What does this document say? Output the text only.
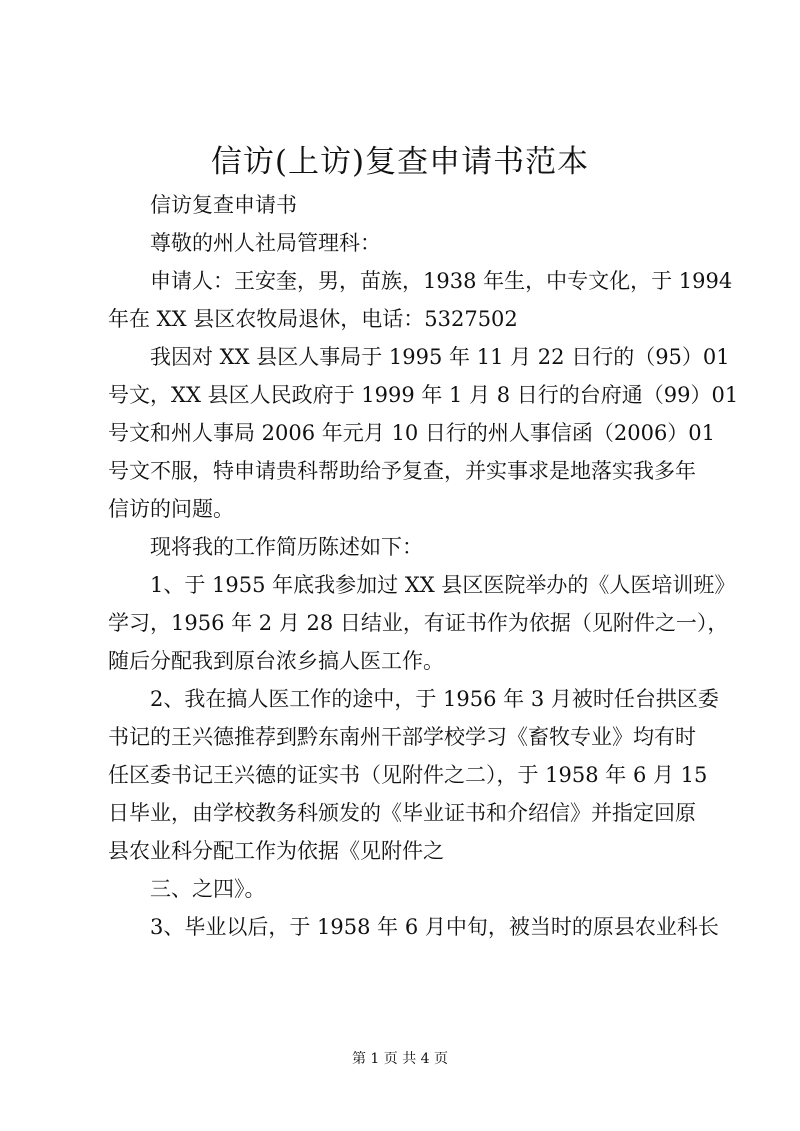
信访(上访)复查申请书范本

信访复查申请书

尊敬的州人社局管理科：

申请人：王安奎，男，苗族，1938 年生，中专文化，于 1994
年在 XX 县区农牧局退休，电话：5327502

我因对 XX 县区人事局于 1995 年 11 月 22 日行的（95）01
号文，XX 县区人民政府于 1999 年 1 月 8 日行的台府通（99）01
号文和州人事局 2006 年元月 10 日行的州人事信函（2006）01
号文不服，特申请贵科帮助给予复查，并实事求是地落实我多年
信访的问题。

现将我的工作简历陈述如下：

1、于 1955 年底我参加过 XX 县区医院举办的《人医培训班》
学习，1956 年 2 月 28 日结业，有证书作为依据（见附件之一），
随后分配我到原台浓乡搞人医工作。

2、我在搞人医工作的途中，于 1956 年 3 月被时任台拱区委
书记的王兴德推荐到黔东南州干部学校学习《畜牧专业》均有时
任区委书记王兴德的证实书（见附件之二），于 1958 年 6 月 15
日毕业，由学校教务科颁发的《毕业证书和介绍信》并指定回原
县农业科分配工作为依据《见附件之

三、之四》。

3、毕业以后，于 1958 年 6 月中旬，被当时的原县农业科长

第 1 页 共 4 页
